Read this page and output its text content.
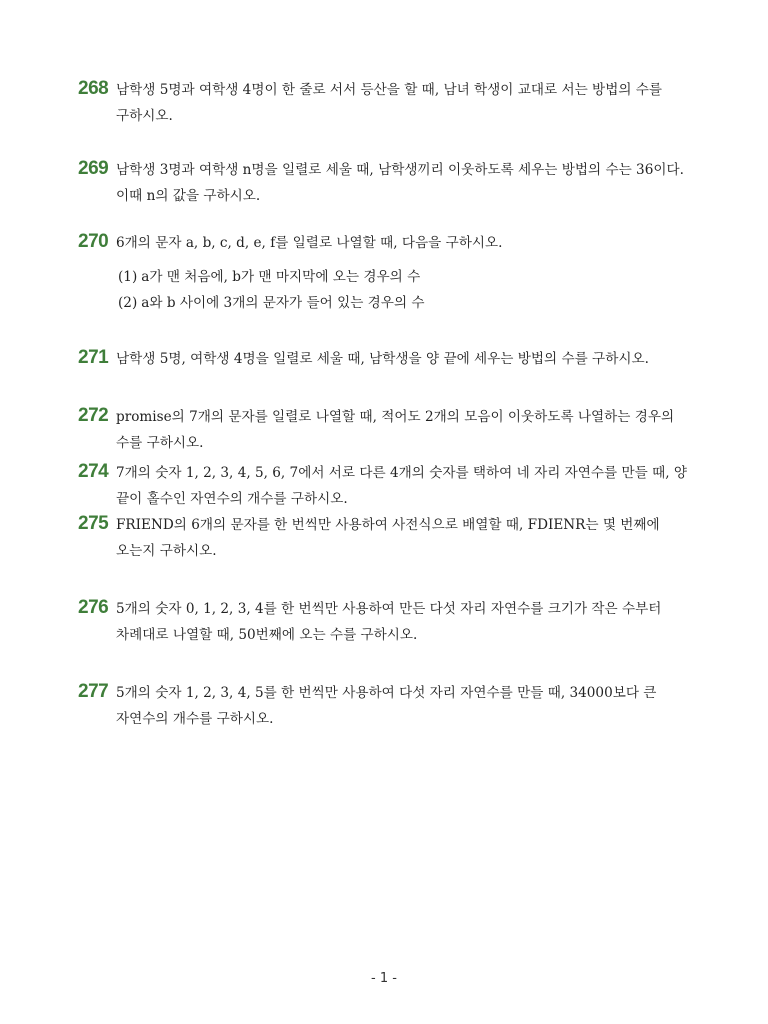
268 남학생 5명과 여학생 4명이 한 줄로 서서 등산을 할 때, 남녀 학생이 교대로 서는 방법의 수를 구하시오.
269 남학생 3명과 여학생 n명을 일렬로 세울 때, 남학생끼리 이웃하도록 세우는 방법의 수는 36이다. 이때 n의 값을 구하시오.
270 6개의 문자 a, b, c, d, e, f를 일렬로 나열할 때, 다음을 구하시오.
(1) a가 맨 처음에, b가 맨 마지막에 오는 경우의 수
(2) a와 b 사이에 3개의 문자가 들어 있는 경우의 수
271 남학생 5명, 여학생 4명을 일렬로 세울 때, 남학생을 양 끝에 세우는 방법의 수를 구하시오.
272 promise의 7개의 문자를 일렬로 나열할 때, 적어도 2개의 모음이 이웃하도록 나열하는 경우의 수를 구하시오.
274 7개의 숫자 1, 2, 3, 4, 5, 6, 7에서 서로 다른 4개의 숫자를 택하여 네 자리 자연수를 만들 때, 양 끝이 홀수인 자연수의 개수를 구하시오.
275 FRIEND의 6개의 문자를 한 번씩만 사용하여 사전식으로 배열할 때, FDIENR는 몇 번째에 오는지 구하시오.
276 5개의 숫자 0, 1, 2, 3, 4를 한 번씩만 사용하여 만든 다섯 자리 자연수를 크기가 작은 수부터 차례대로 나열할 때, 50번째에 오는 수를 구하시오.
277 5개의 숫자 1, 2, 3, 4, 5를 한 번씩만 사용하여 다섯 자리 자연수를 만들 때, 34000보다 큰 자연수의 개수를 구하시오.
- 1 -
